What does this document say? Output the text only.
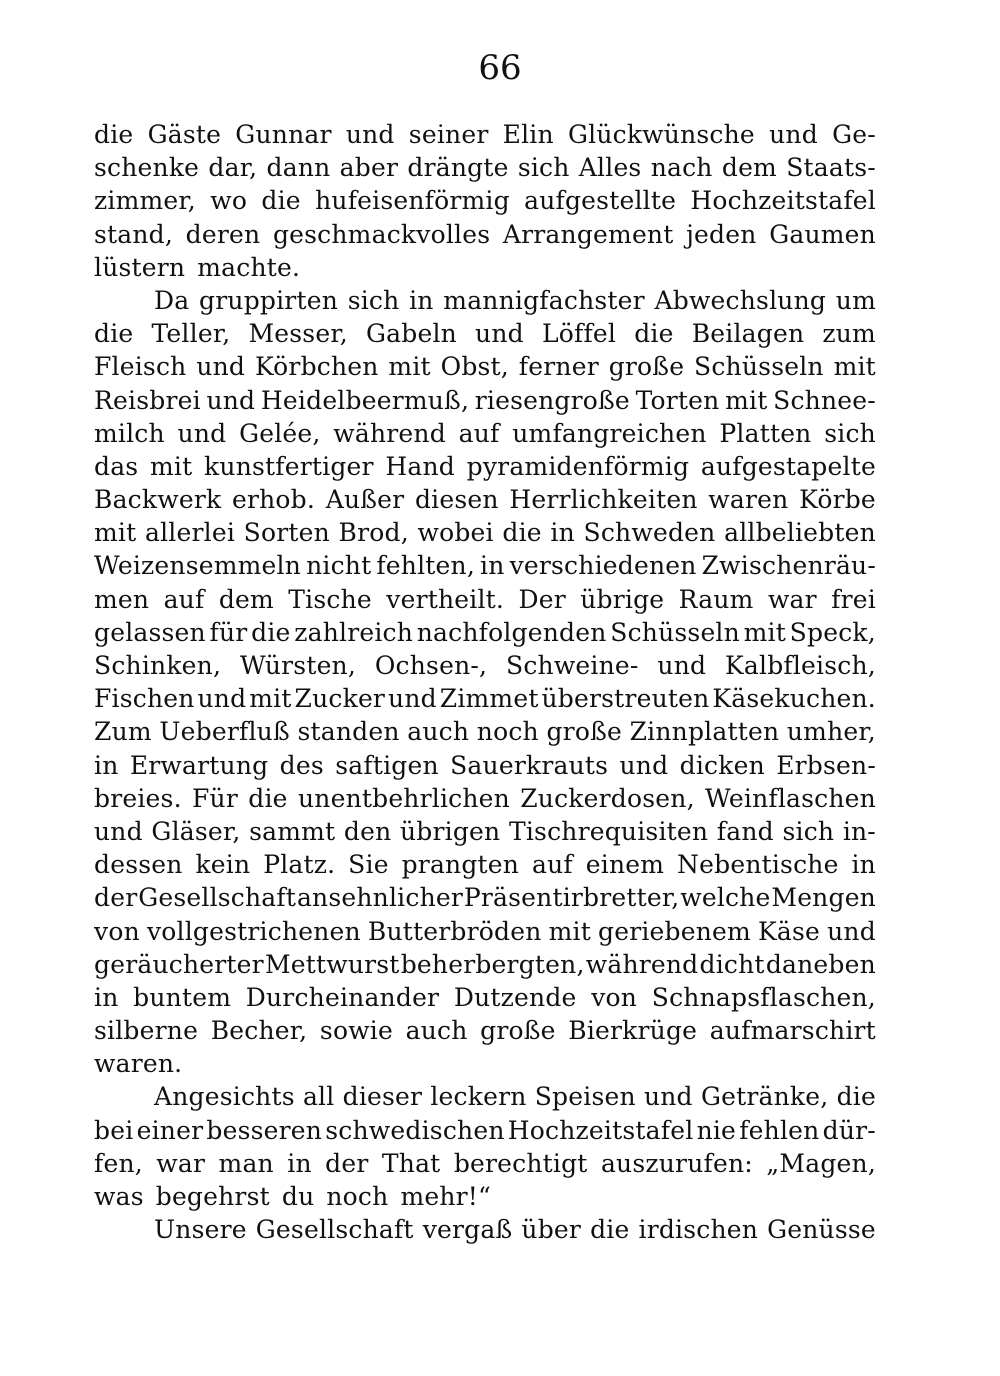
66
die Gäste Gunnar und seiner Elin Glückwünsche und Ge-
schenke dar, dann aber drängte sich Alles nach dem Staats-
zimmer, wo die hufeisenförmig aufgestellte Hochzeitstafel
stand, deren geschmackvolles Arrangement jeden Gaumen
lüstern machte.
Da gruppirten sich in mannigfachster Abwechslung um
die Teller, Messer, Gabeln und Löffel die Beilagen zum
Fleisch und Körbchen mit Obst, ferner große Schüsseln mit
Reisbrei und Heidelbeermuß, riesengroße Torten mit Schnee-
milch und Gelée, während auf umfangreichen Platten sich
das mit kunstfertiger Hand pyramidenförmig aufgestapelte
Backwerk erhob. Außer diesen Herrlichkeiten waren Körbe
mit allerlei Sorten Brod, wobei die in Schweden allbeliebten
Weizensemmeln nicht fehlten, in verschiedenen Zwischenräu-
men auf dem Tische vertheilt. Der übrige Raum war frei
gelassen für die zahlreich nachfolgenden Schüsseln mit Speck,
Schinken, Würsten, Ochsen-, Schweine- und Kalbfleisch,
Fischen und mit Zucker und Zimmet überstreuten Käsekuchen.
Zum Ueberfluß standen auch noch große Zinnplatten umher,
in Erwartung des saftigen Sauerkrauts und dicken Erbsen-
breies. Für die unentbehrlichen Zuckerdosen, Weinflaschen
und Gläser, sammt den übrigen Tischrequisiten fand sich in-
dessen kein Platz. Sie prangten auf einem Nebentische in
der Gesellschaft ansehnlicher Präsentirbretter, welche Mengen
von vollgestrichenen Butterbröden mit geriebenem Käse und
geräucherter Mettwurst beherbergten, während dicht daneben
in buntem Durcheinander Dutzende von Schnapsflaschen,
silberne Becher, sowie auch große Bierkrüge aufmarschirt
waren.
Angesichts all dieser leckern Speisen und Getränke, die
bei einer besseren schwedischen Hochzeitstafel nie fehlen dür-
fen, war man in der That berechtigt auszurufen: „Magen,
was begehrst du noch mehr!“
Unsere Gesellschaft vergaß über die irdischen Genüsse
